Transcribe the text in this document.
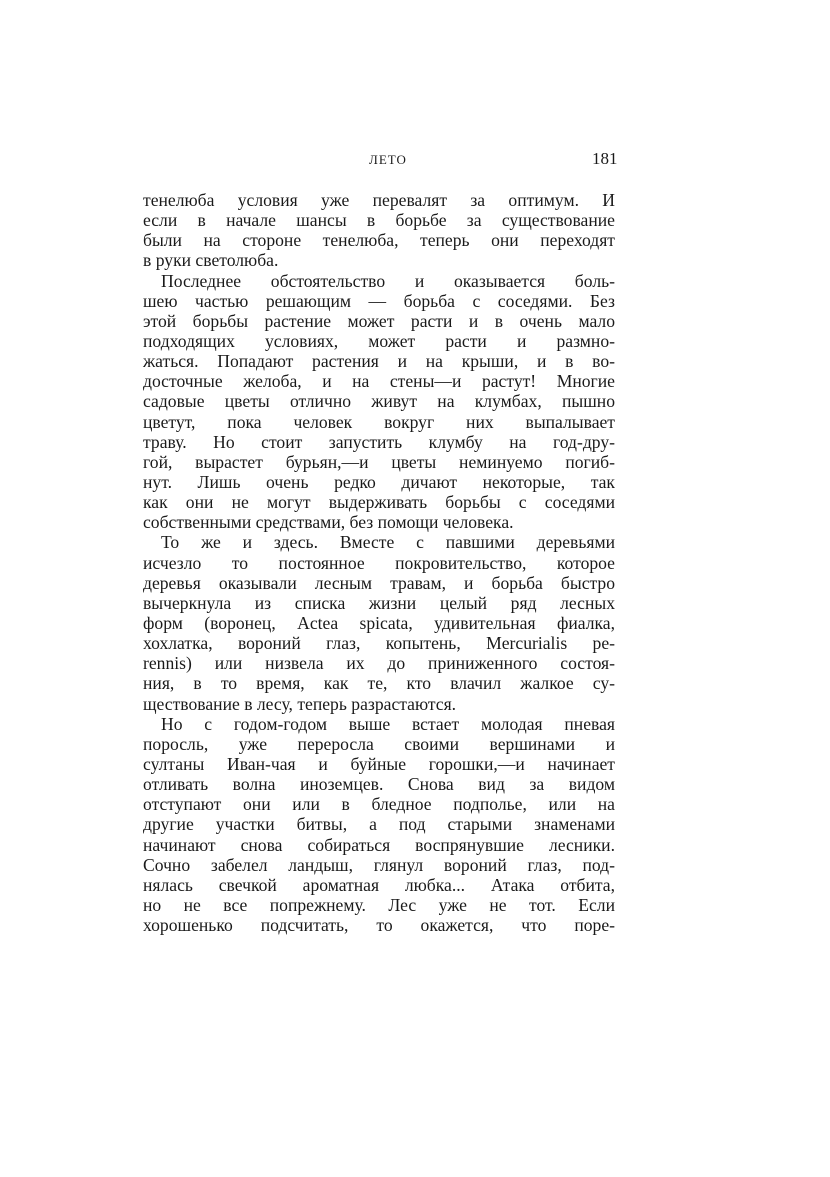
ЛЕТО	181
тенелюба условия уже перевалят за оптимум. И
если в начале шансы в борьбе за существование
были на стороне тенелюба, теперь они переходят
в руки светолюба.
Последнее обстоятельство и оказывается боль-
шею частью решающим — борьба с соседями. Без
этой борьбы растение может расти и в очень мало
подходящих условиях, может расти и размно-
жаться. Попадают растения и на крыши, и в во-
досточные желоба, и на стены—и растут! Многие
садовые цветы отлично живут на клумбах, пышно
цветут, пока человек вокруг них выпалывает
траву. Но стоит запустить клумбу на год-дру-
гой, вырастет бурьян,—и цветы неминуемо погиб-
нут. Лишь очень редко дичают некоторые, так
как они не могут выдерживать борьбы с соседями
собственными средствами, без помощи человека.
То же и здесь. Вместе с павшими деревьями
исчезло то постоянное покровительство, которое
деревья оказывали лесным травам, и борьба быстро
вычеркнула из списка жизни целый ряд лесных
форм (воронец, Actea spicata, удивительная фиалка,
хохлатка, вороний глаз, копытень, Mercurialis pe-
rennis) или низвела их до приниженного состоя-
ния, в то время, как те, кто влачил жалкое су-
ществование в лесу, теперь разрастаются.
Но с годом-годом выше встает молодая пневая
поросль, уже переросла своими вершинами и
султаны Иван-чая и буйные горошки,—и начинает
отливать волна иноземцев. Снова вид за видом
отступают они или в бледное подполье, или на
другие участки битвы, а под старыми знаменами
начинают снова собираться воспрянувшие лесники.
Сочно забелел ландыш, глянул вороний глаз, под-
нялась свечкой ароматная любка... Атака отбита,
но не все попрежнему. Лес уже не тот. Если
хорошенько подсчитать, то окажется, что поре-
